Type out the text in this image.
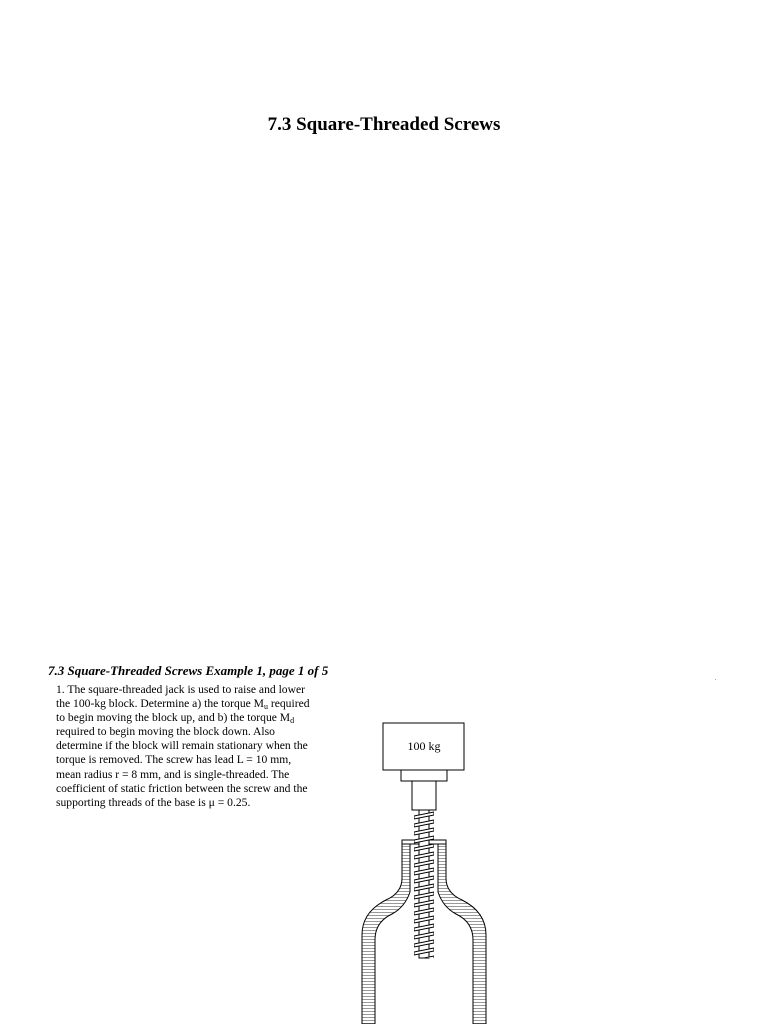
7.3 Square-Threaded Screws
7.3 Square-Threaded Screws Example 1, page 1 of 5
1. The square-threaded jack is used to raise and lower
the 100-kg block. Determine a) the torque $M_u$ required
to begin moving the block up, and b) the torque $M_d$
required to begin moving the block down. Also
determine if the block will remain stationary when the
torque is removed. The screw has lead L = 10 mm,
mean radius r = 8 mm, and is single-threaded. The
coefficient of static friction between the screw and the
supporting threads of the base is μ = 0.25.
.
100 kg
